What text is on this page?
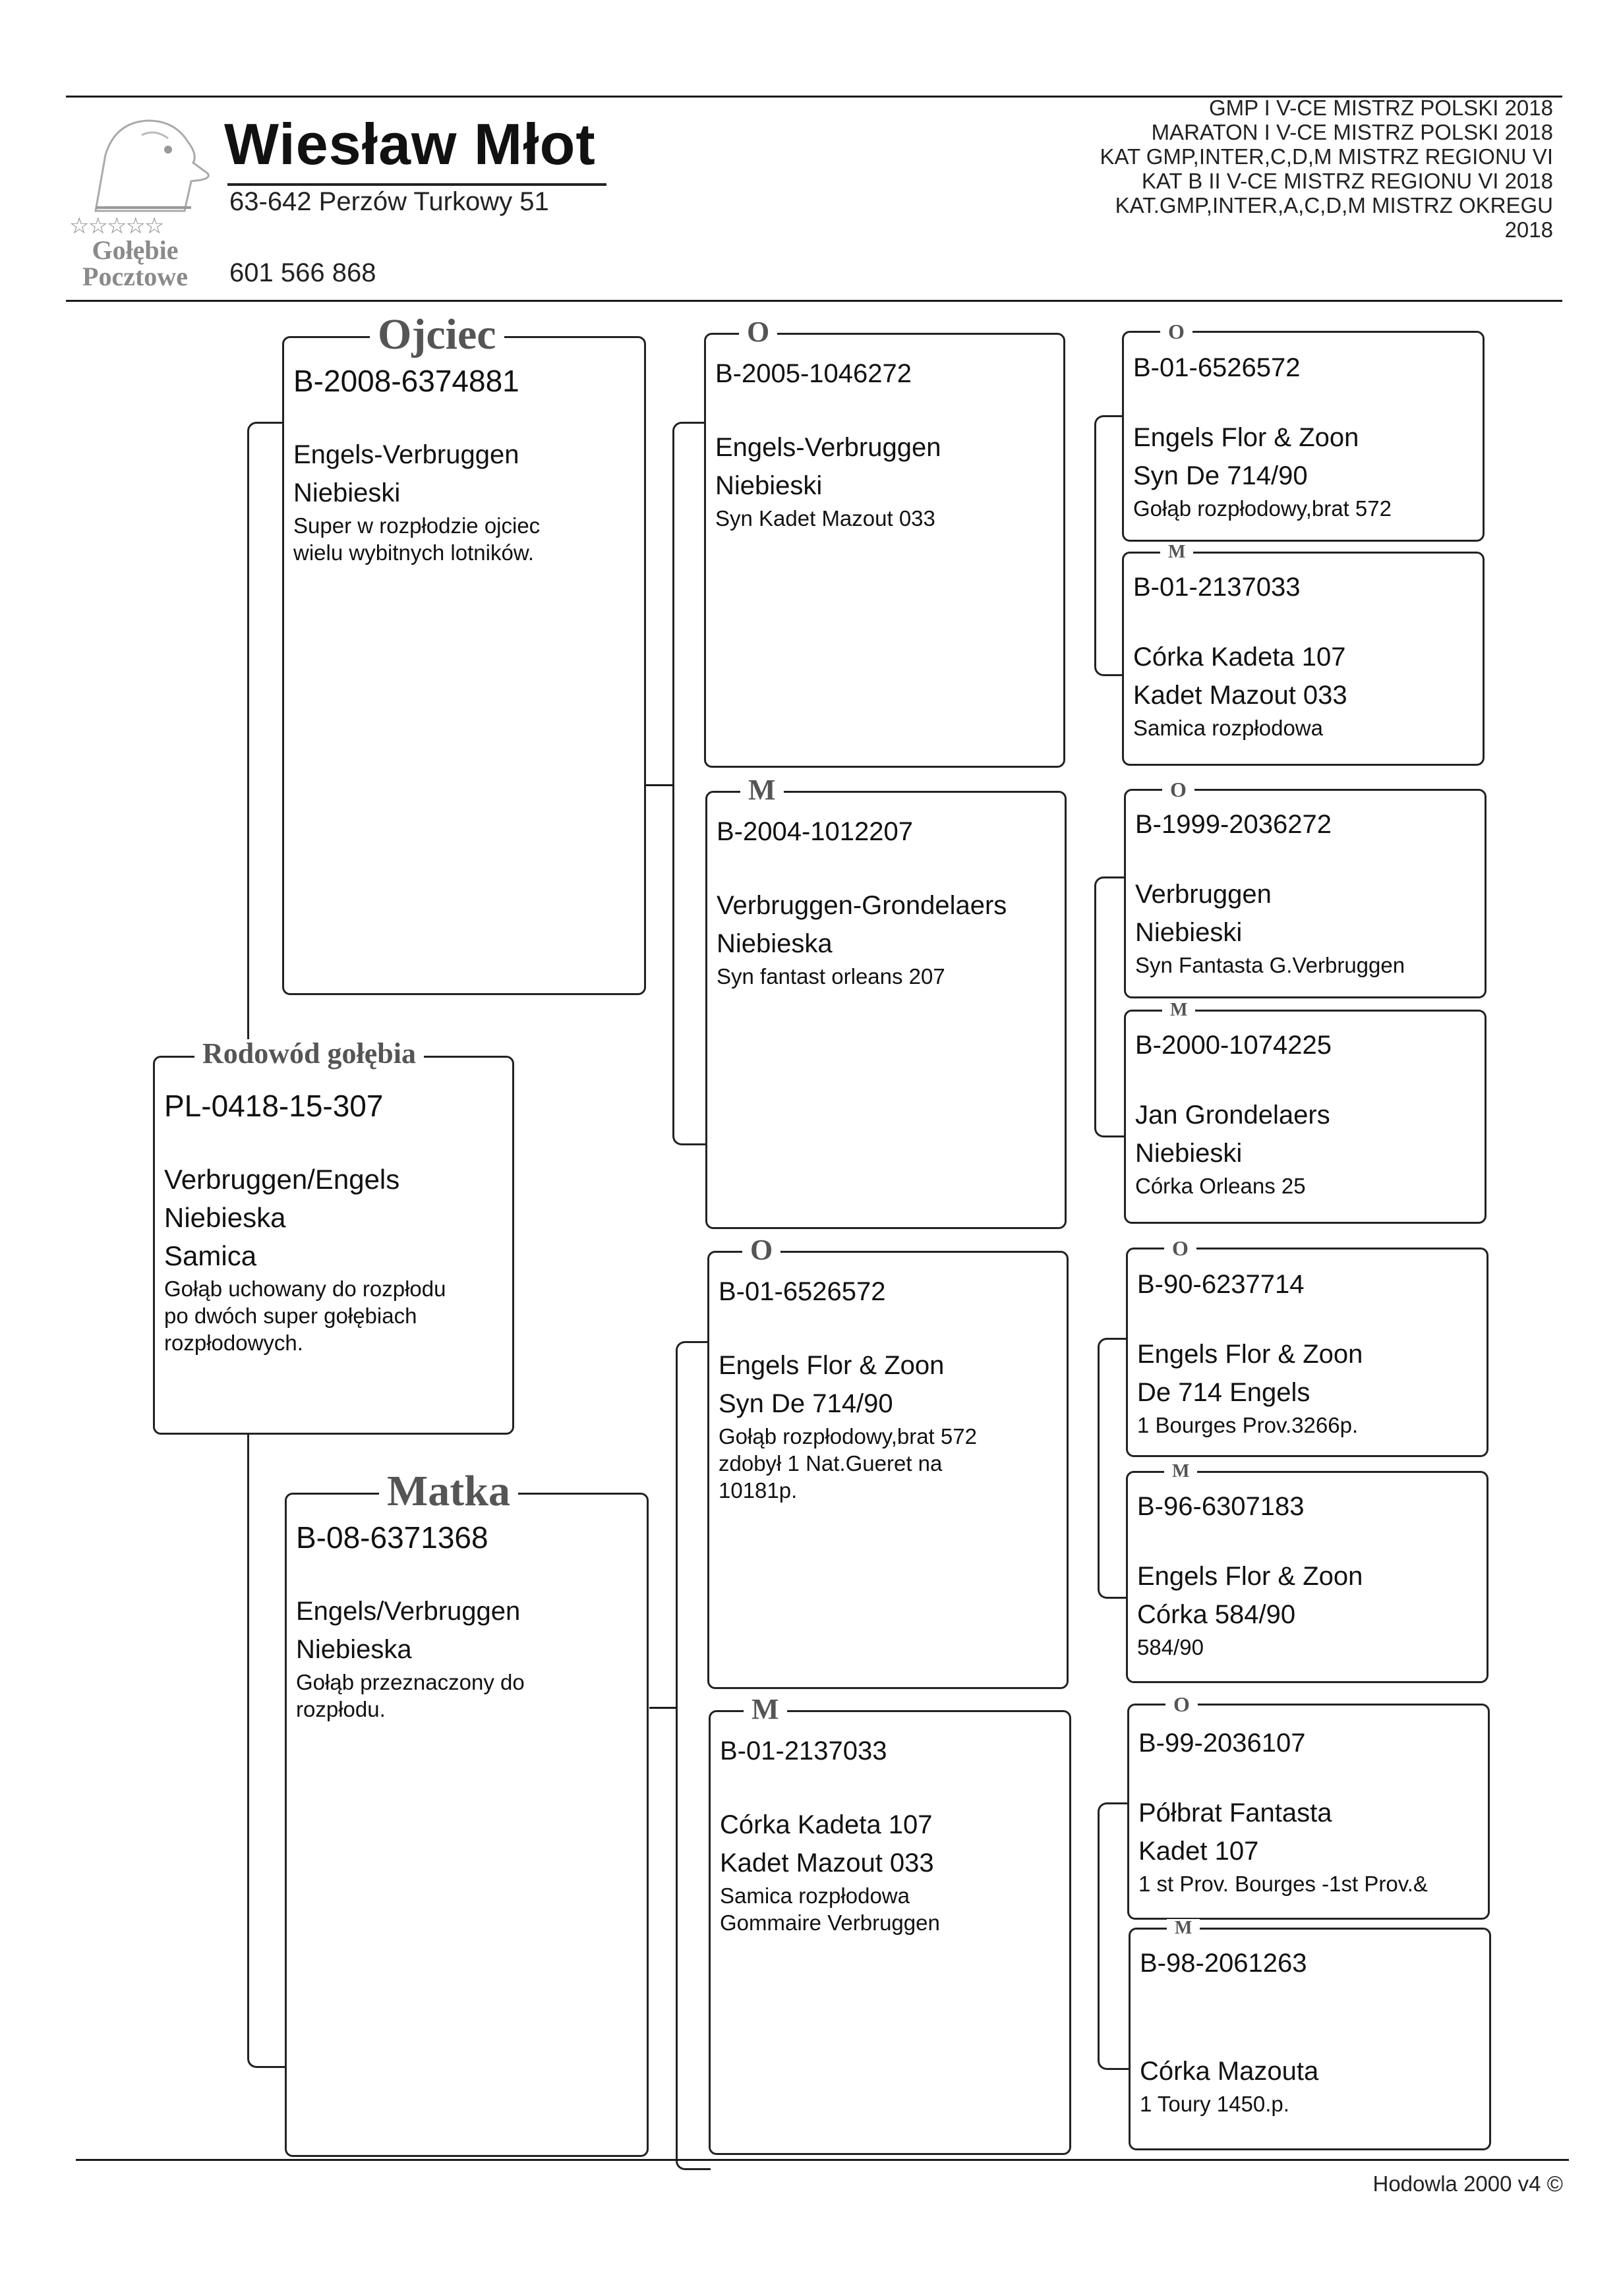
☆☆☆☆☆
Gołębie
Pocztowe
Wiesław Młot
63-642 Perzów Turkowy 51
601 566 868
GMP I V-CE MISTRZ POLSKI 2018
MARATON I V-CE MISTRZ POLSKI 2018
KAT GMP,INTER,C,D,M MISTRZ REGIONU VI
KAT B II V-CE MISTRZ REGIONU VI 2018
KAT.GMP,INTER,A,C,D,M MISTRZ OKREGU
2018
Rodowód gołębia
PL-0418-15-307
Verbruggen/Engels
Niebieska
Samica
Gołąb uchowany do rozpłodu
po dwóch super gołębiach
rozpłodowych.
Ojciec
B-2008-6374881
Engels-Verbruggen
Niebieski
Super w rozpłodzie ojciec
wielu wybitnych lotników.
Matka
B-08-6371368
Engels/Verbruggen
Niebieska
Gołąb przeznaczony do
rozpłodu.
O
B-2005-1046272
Engels-Verbruggen
Niebieski
Syn Kadet Mazout 033
M
B-2004-1012207
Verbruggen-Grondelaers
Niebieska
Syn fantast orleans 207
O
B-01-6526572
Engels Flor & Zoon
Syn De 714/90
Gołąb rozpłodowy,brat 572
zdobył 1 Nat.Gueret na
10181p.
M
B-01-2137033
Córka Kadeta 107
Kadet Mazout 033
Samica rozpłodowa
Gommaire Verbruggen
O
B-01-6526572
Engels Flor & Zoon
Syn De 714/90
Gołąb rozpłodowy,brat 572
M
B-01-2137033
Córka Kadeta 107
Kadet Mazout 033
Samica rozpłodowa
O
B-1999-2036272
Verbruggen
Niebieski
Syn Fantasta G.Verbruggen
M
B-2000-1074225
Jan Grondelaers
Niebieski
Córka Orleans 25
O
B-90-6237714
Engels Flor & Zoon
De 714 Engels
1 Bourges Prov.3266p.
M
B-96-6307183
Engels Flor & Zoon
Córka 584/90
584/90
O
B-99-2036107
Półbrat Fantasta
Kadet 107
1 st Prov. Bourges -1st Prov.&
M
B-98-2061263
Córka Mazouta
1 Toury 1450.p.
Hodowla 2000 v4 ©
